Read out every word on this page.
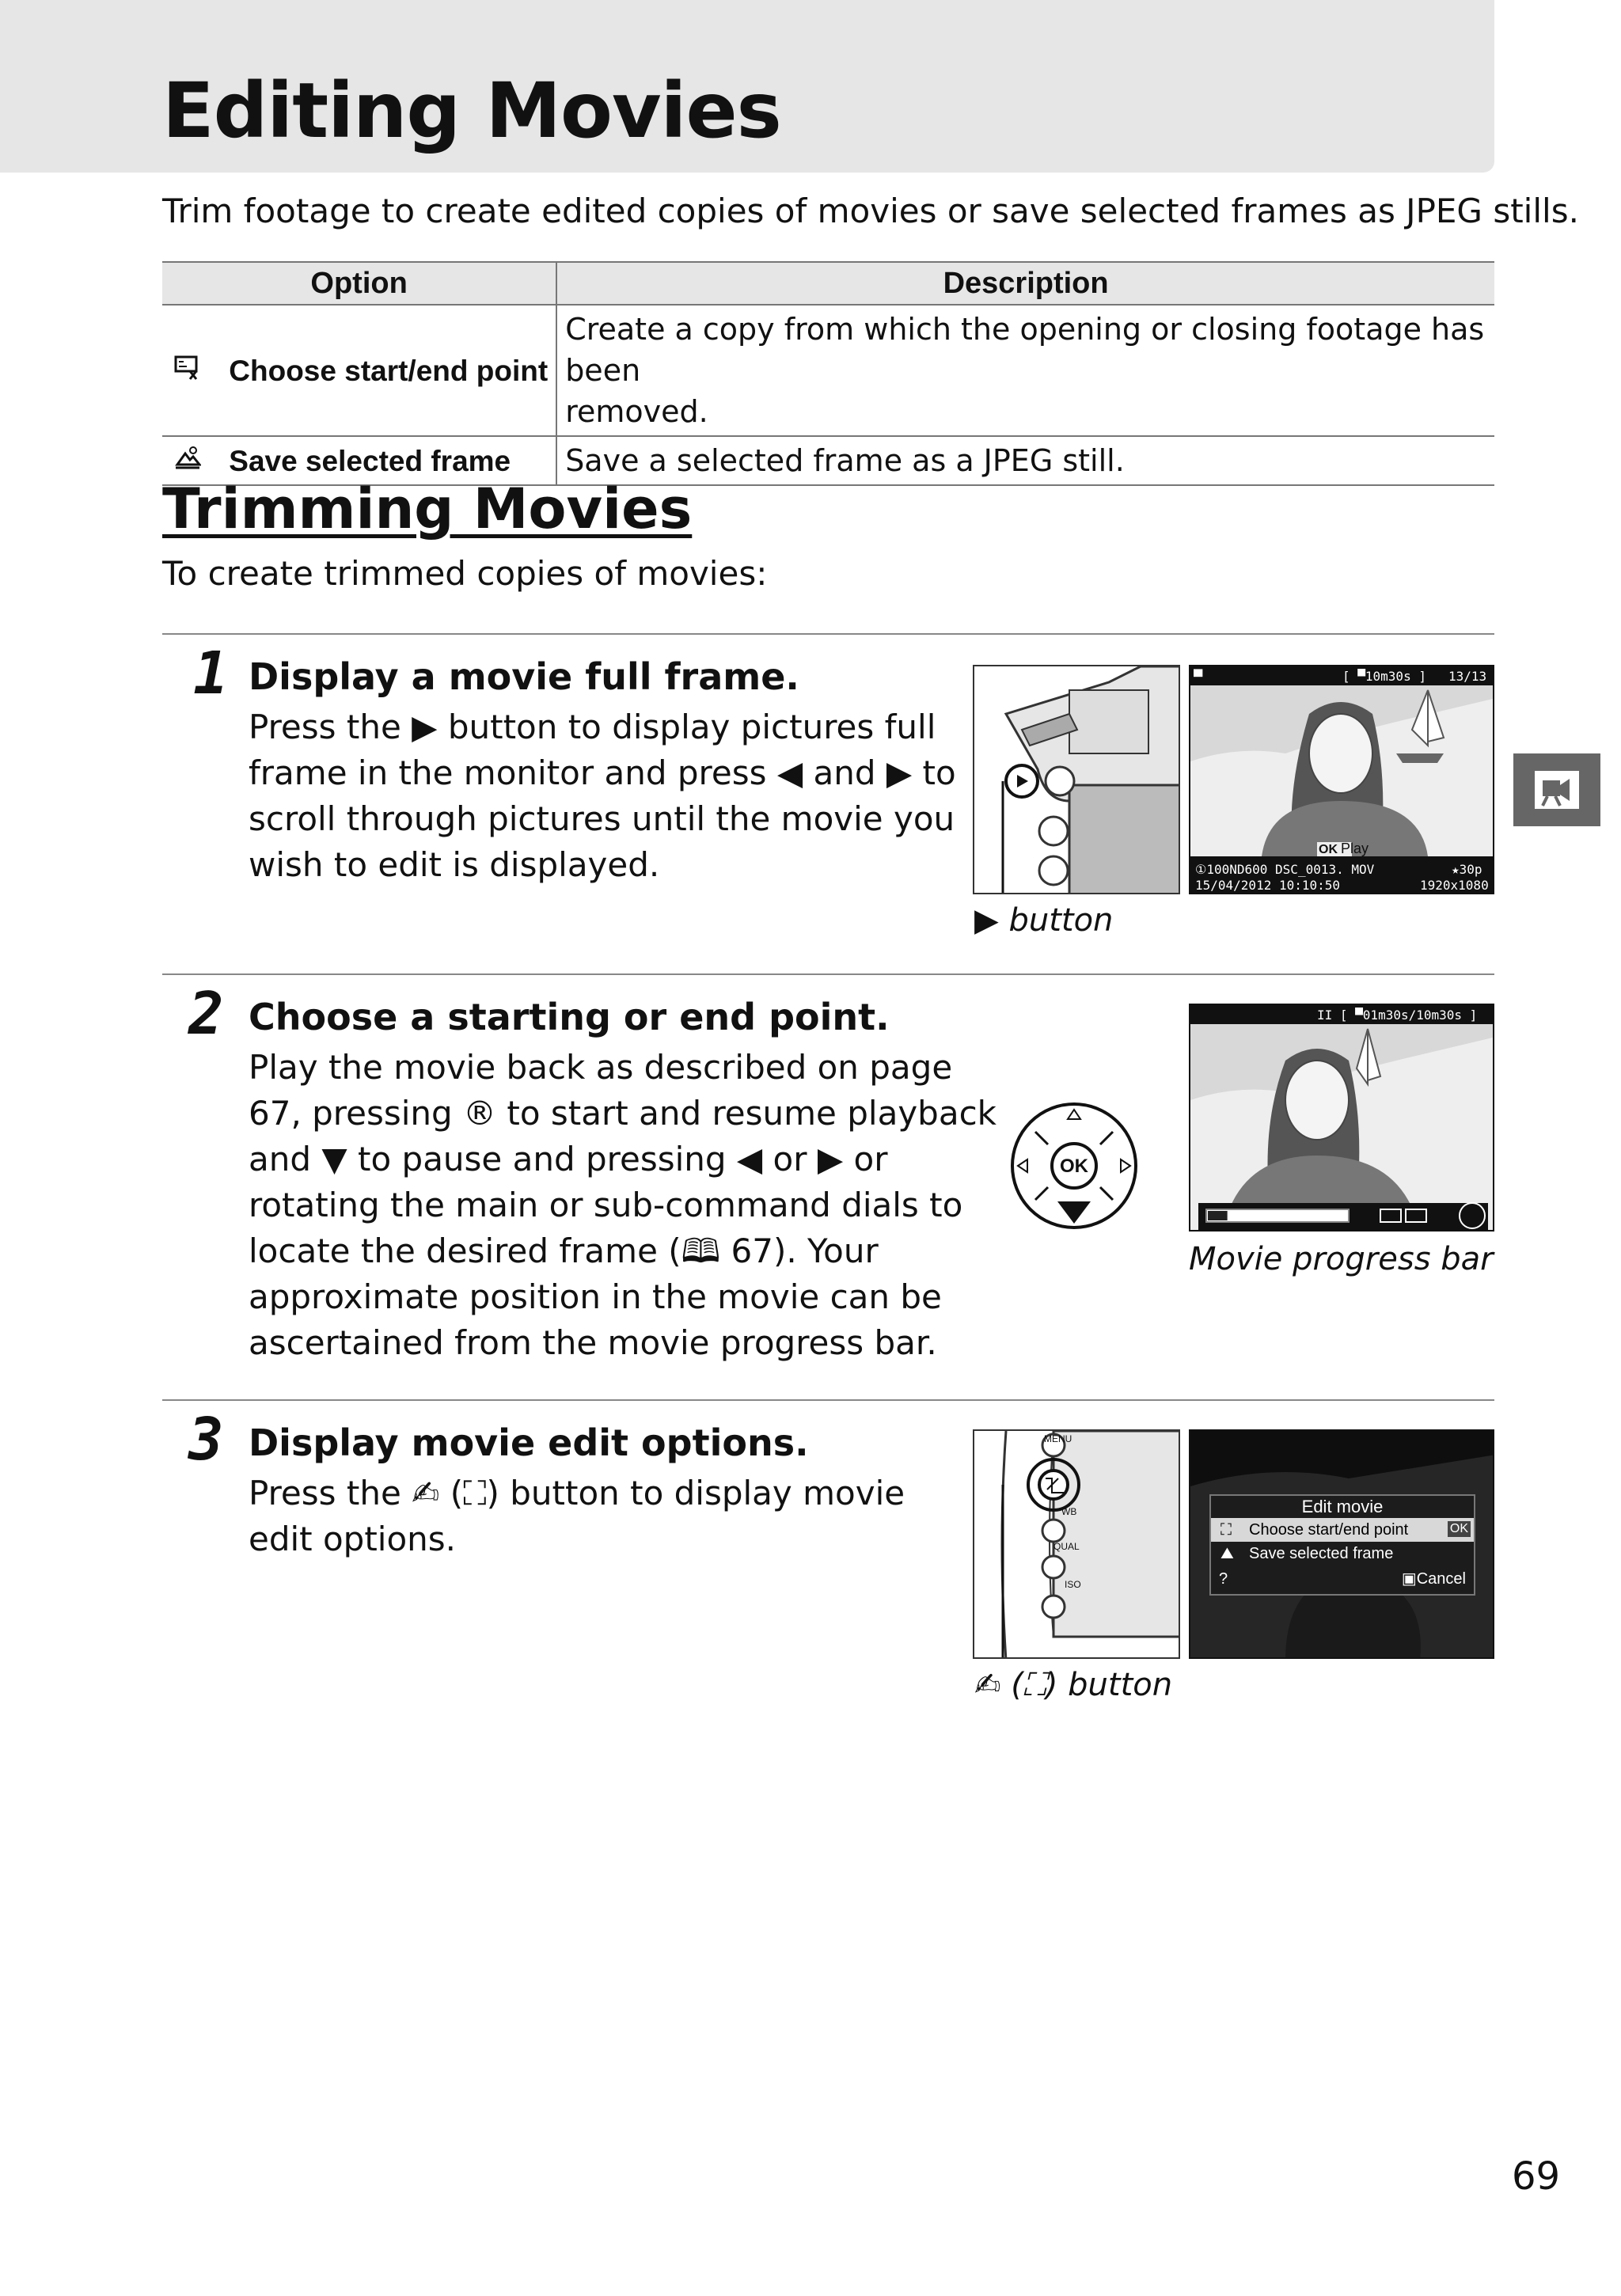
Editing Movies

Trim footage to create edited copies of movies or save selected frames as JPEG stills.

Option	Description
Choose start/end point	Create a copy from which the opening or closing footage has been
removed.

Save selected frame	Save a selected frame as a JPEG still.
Trimming Movies

To create trimmed copies of movies:

1 Display a movie full frame.
Press the ▶ button to display pictures full
frame in the monitor and press ◀ and ▶ to
scroll through pictures until the movie you
wish to edit is displayed.
▀	[ ▀10m30s ] 13/13
OK Play
①100ND600 DSC_0013. MOV
15/04/2012 10:10:50
★30p
1920x1080
▶ button
2 Choose a starting or end point.
Play the movie back as described on page
67, pressing ® to start and resume playback
and ▼ to pause and pressing ◀ or ▶ or
rotating the main or sub-command dials to
locate the desired frame (🕮 67). Your
approximate position in the movie can be
ascertained from the movie progress bar.
OK
II [ ▀01m30s/10m30s ]
Movie progress bar
3 Display movie edit options.
Press the ✍ (⛶) button to display movie
edit options.
MENU
WB
QUAL
ISO
Edit movie
⛶ Choose start/end point	OK
⛰ Save selected frame
?	▣Cancel
✍ (⛶) button
69
